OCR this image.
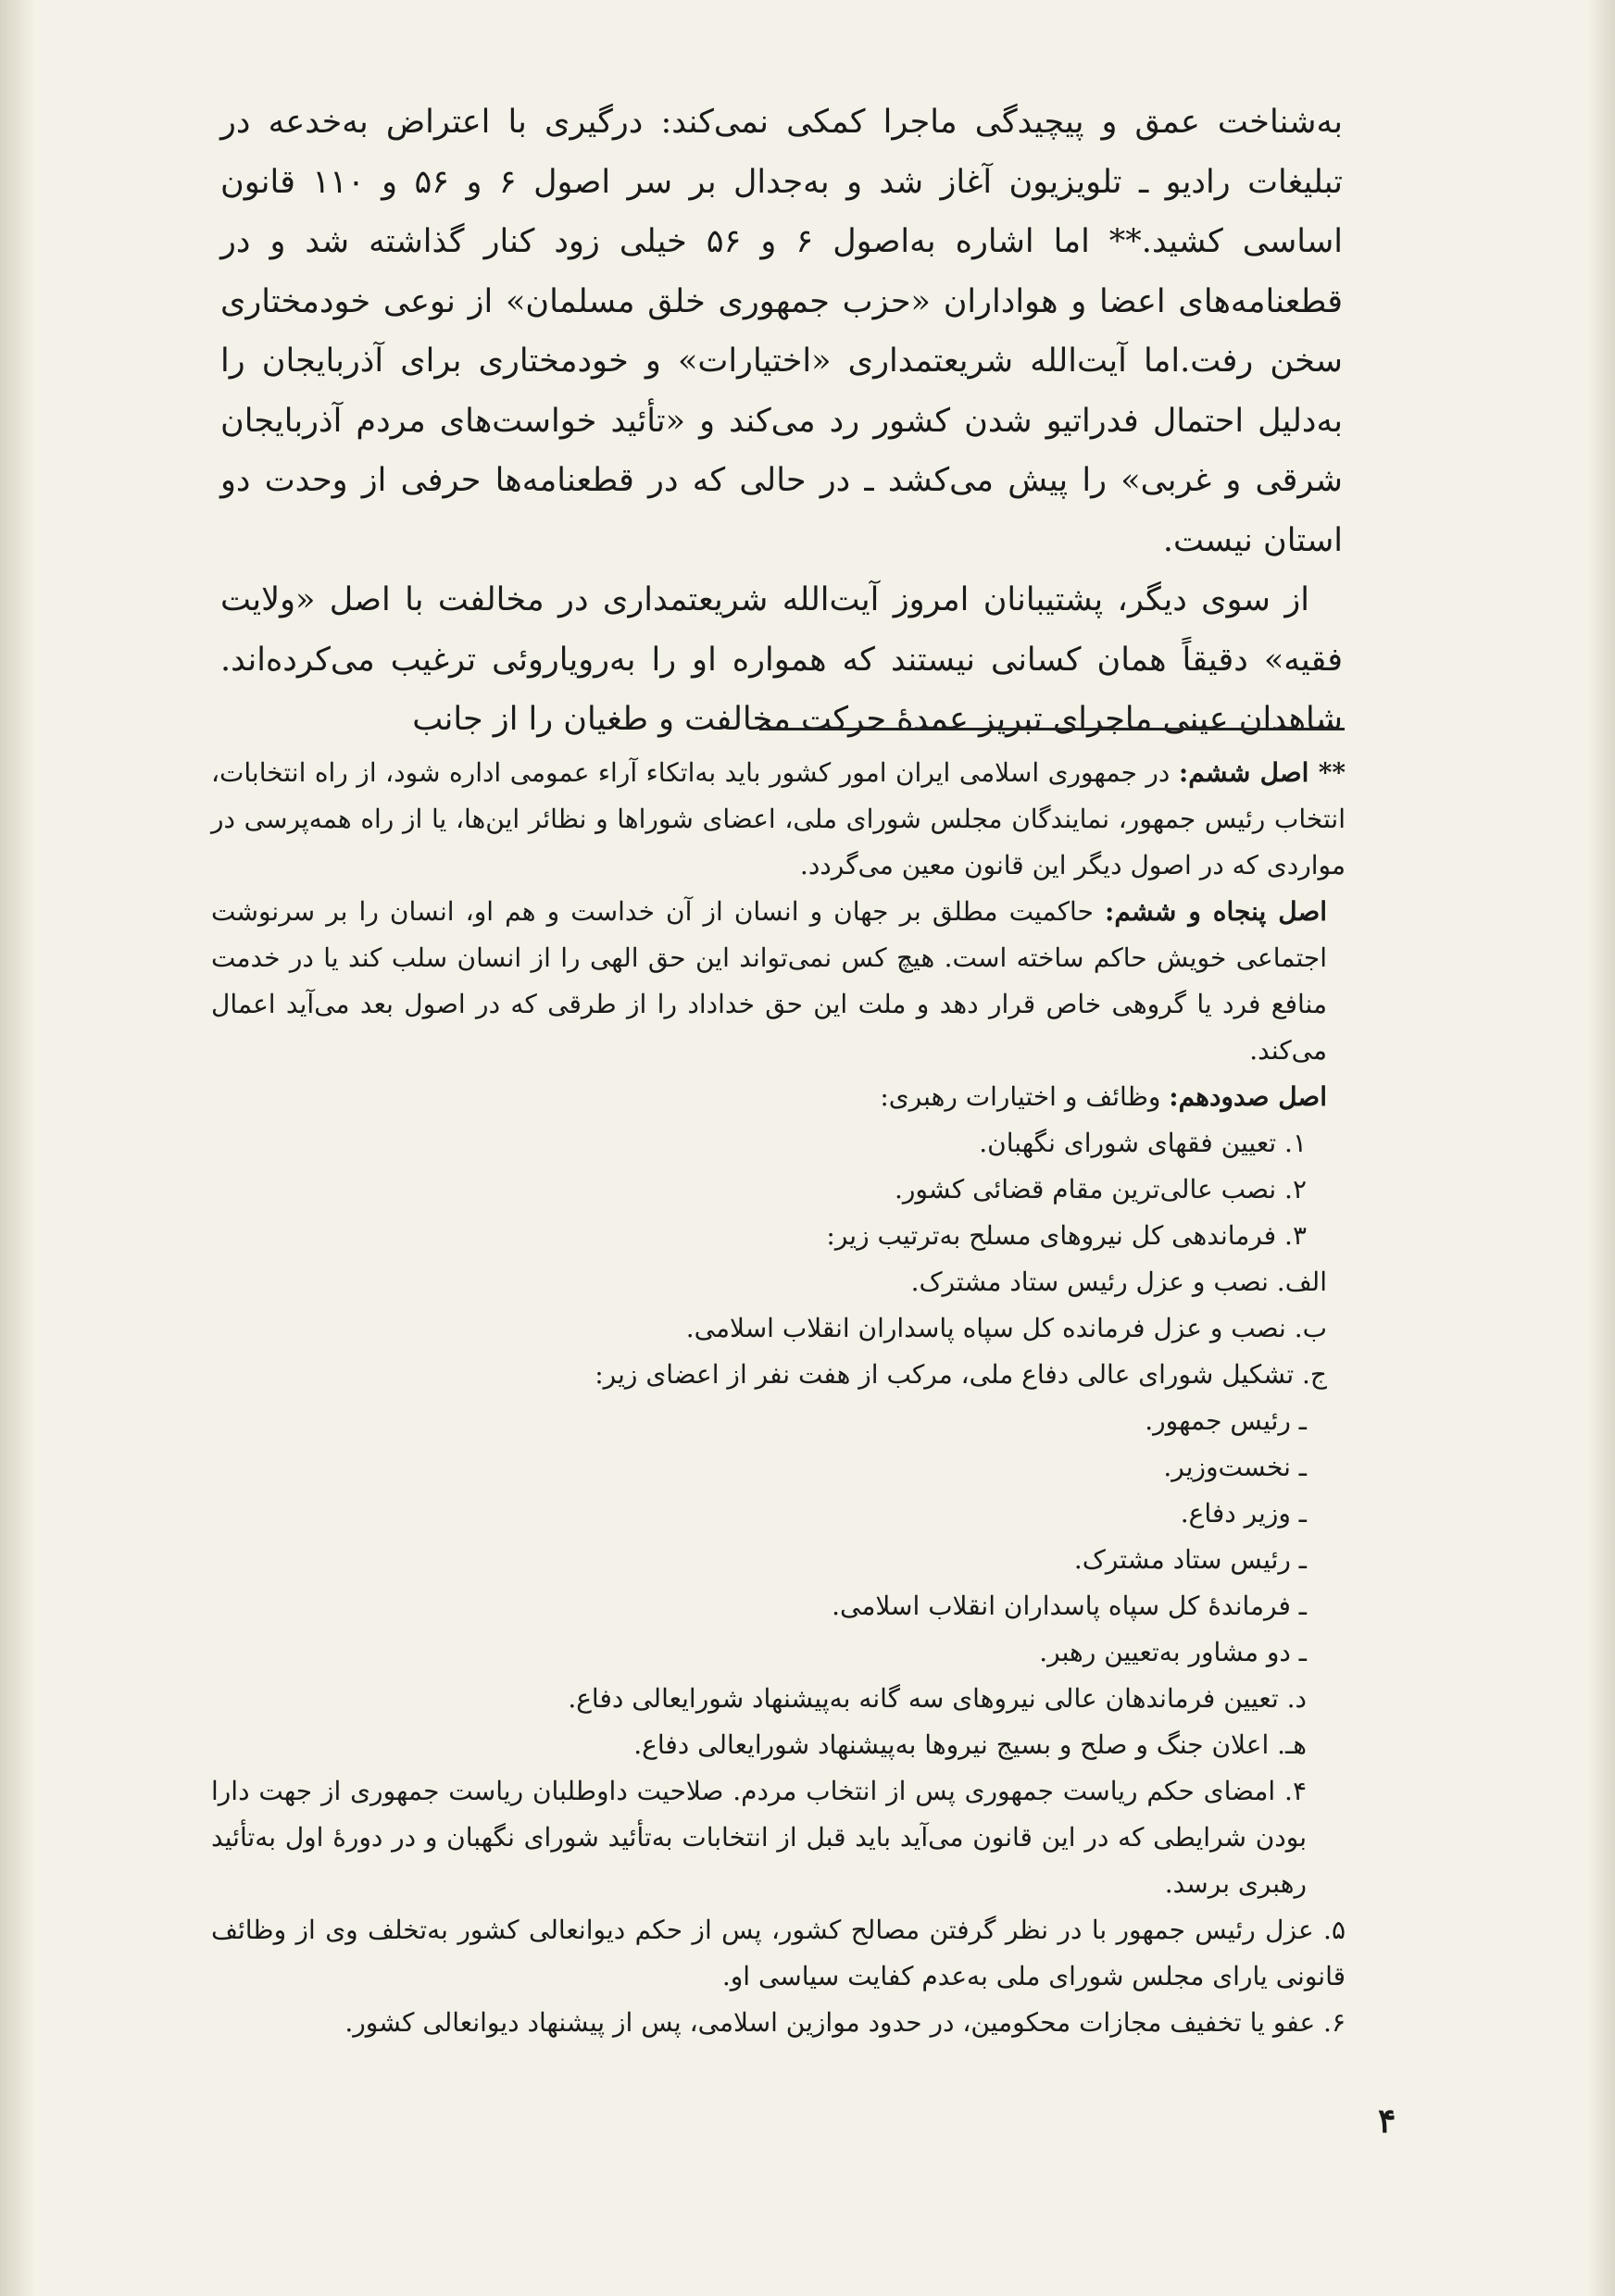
به‌شناخت عمق و پیچیدگی ماجرا کمکی نمی‌کند: درگیری با اعتراض به‌خدعه در تبلیغات رادیو ـ تلویزیون آغاز شد و به‌جدال بر سر اصول ۶ و ۵۶ و ۱۱۰ قانون اساسی کشید.** اما اشاره به‌اصول ۶ و ۵۶ خیلی زود کنار گذاشته شد و در قطعنامه‌های اعضا و هواداران «حزب جمهوری خلق مسلمان» از نوعی خودمختاری سخن رفت.اما آیت‌الله شریعتمداری «اختیارات» و خودمختاری برای آذربایجان را به‌دلیل احتمال فدراتیو شدن کشور رد می‌کند و «تأئید خواست‌های مردم آذربایجان شرقی و غربی» را پیش می‌کشد ـ در حالی که در قطعنامه‌ها حرفی از وحدت دو استان نیست.

از سوی دیگر، پشتیبانان امروز آیت‌الله شریعتمداری در مخالفت با اصل «ولایت فقیه» دقیقاً همان کسانی نیستند که همواره او را به‌رویاروئی ترغیب می‌کرده‌اند. شاهدان عینی ماجرای تبریز عمدهٔ حرکت مخالفت و طغیان را از جانب

** اصل ششم: در جمهوری اسلامی ایران امور کشور باید به‌اتکاء آراء عمومی اداره شود، از راه انتخابات، انتخاب رئیس جمهور، نمایندگان مجلس شورای ملی، اعضای شوراها و نظائر این‌ها، یا از راه همه‌پرسی در مواردی که در اصول دیگر این قانون معین می‌گردد.

اصل پنجاه و ششم: حاکمیت مطلق بر جهان و انسان از آن خداست و هم او، انسان را بر سرنوشت اجتماعی خویش حاکم ساخته است. هیچ کس نمی‌تواند این حق الهی را از انسان سلب کند یا در خدمت منافع فرد یا گروهی خاص قرار دهد و ملت این حق خداداد را از طرقی که در اصول بعد می‌آید اعمال می‌کند.

اصل صدودهم: وظائف و اختیارات رهبری:

۱. تعیین فقهای شورای نگهبان.

۲. نصب عالی‌ترین مقام قضائی کشور.

۳. فرماندهی کل نیروهای مسلح به‌ترتیب زیر:

الف. نصب و عزل رئیس ستاد مشترک.

ب. نصب و عزل فرمانده کل سپاه پاسداران انقلاب اسلامی.

ج. تشکیل شورای عالی دفاع ملی، مرکب از هفت نفر از اعضای زیر:

ـ رئیس جمهور.

ـ نخست‌وزیر.

ـ وزیر دفاع.

ـ رئیس ستاد مشترک.

ـ فرماندهٔ کل سپاه پاسداران انقلاب اسلامی.

ـ دو مشاور به‌تعیین رهبر.

د. تعیین فرماندهان عالی نیروهای سه گانه به‌پیشنهاد شورایعالی دفاع.

هـ. اعلان جنگ و صلح و بسیج نیروها به‌پیشنهاد شورایعالی دفاع.

۴. امضای حکم ریاست جمهوری پس از انتخاب مردم. صلاحیت داوطلبان ریاست جمهوری از جهت دارا بودن شرایطی که در این قانون می‌آید باید قبل از انتخابات به‌تأئید شورای نگهبان و در دورهٔ اول به‌تأئید رهبری برسد.

۵. عزل رئیس جمهور با در نظر گرفتن مصالح کشور، پس از حکم دیوانعالی کشور به‌تخلف وی از وظائف قانونی یارای مجلس شورای ملی به‌عدم کفایت سیاسی او.

۶. عفو یا تخفیف مجازات محکومین، در حدود موازین اسلامی، پس از پیشنهاد دیوانعالی کشور.

۴
